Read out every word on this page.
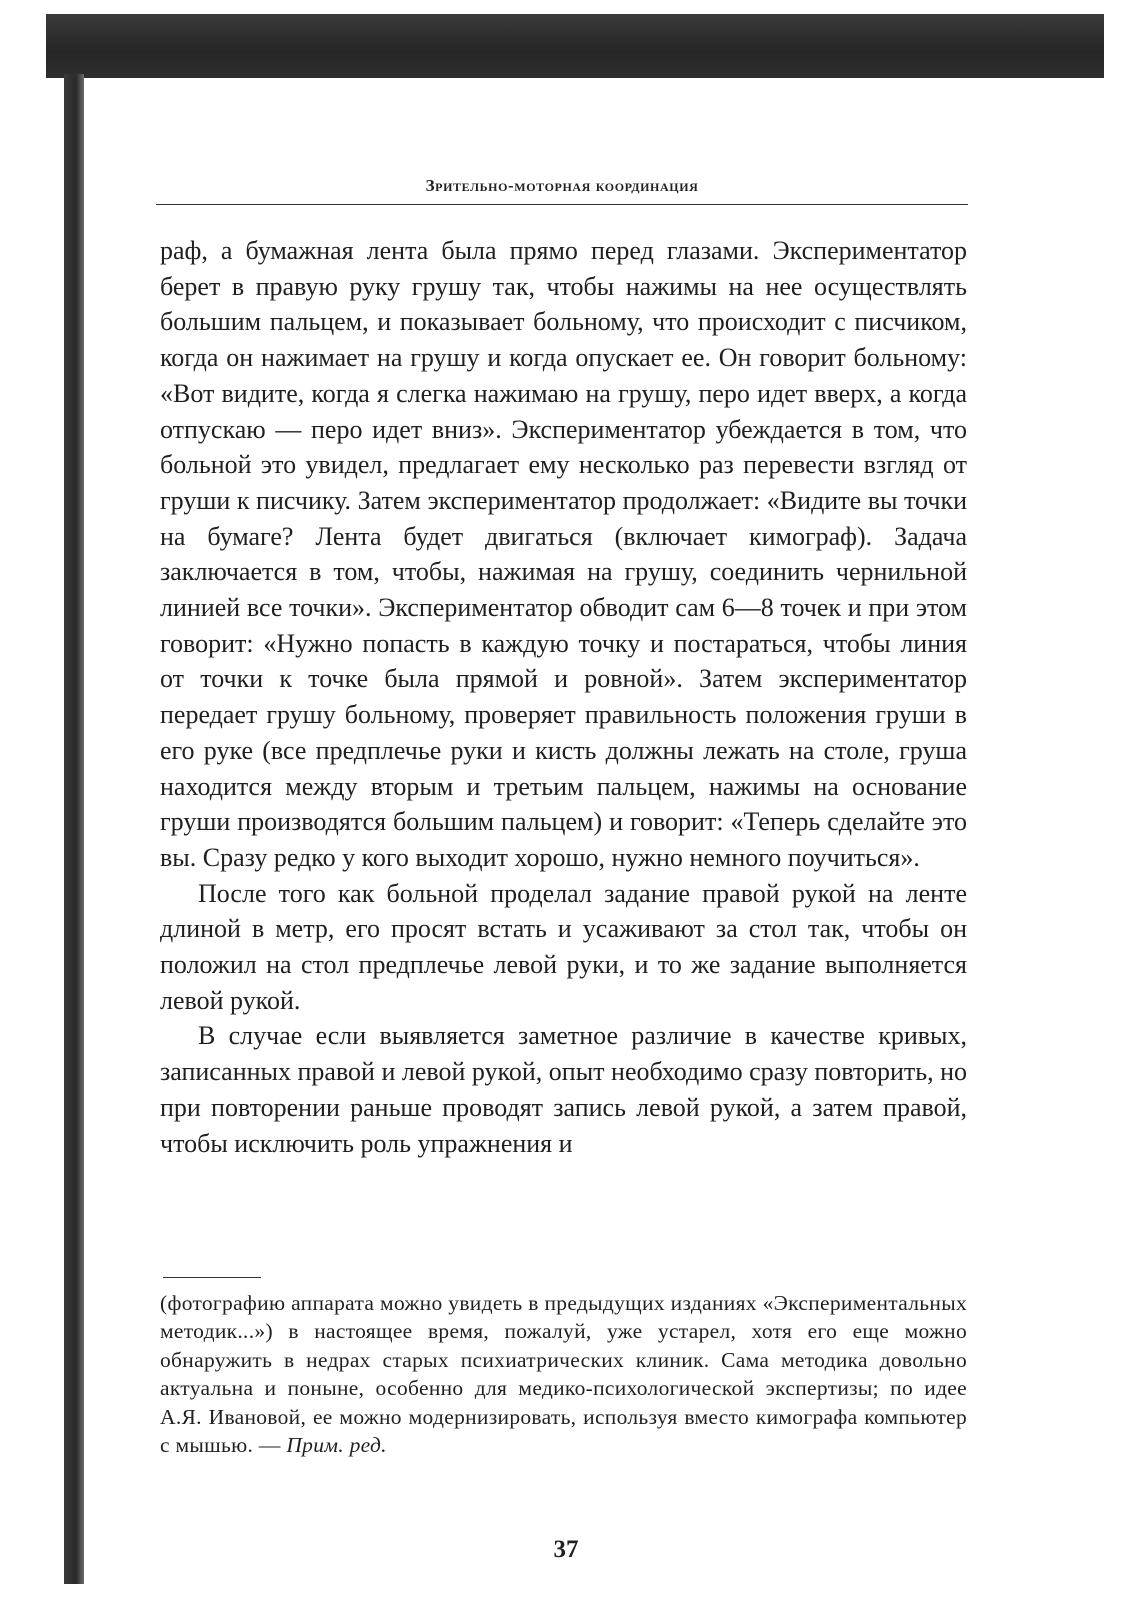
Зрительно-моторная координация

раф, а бумажная лента была прямо перед глазами. Экспериментатор берет в правую руку грушу так, чтобы нажимы на нее осуществлять большим пальцем, и показывает больному, что происходит с писчиком, когда он нажимает на грушу и когда опускает ее. Он говорит больному: «Вот видите, когда я слегка нажимаю на грушу, перо идет вверх, а когда отпускаю — перо идет вниз». Экспериментатор убеждается в том, что больной это увидел, предлагает ему несколько раз перевести взгляд от груши к писчику. Затем экспериментатор продолжает: «Видите вы точки на бумаге? Лента будет двигаться (включает кимограф). Задача заключается в том, чтобы, нажимая на грушу, соединить чернильной линией все точки». Экспериментатор обводит сам 6—8 точек и при этом говорит: «Нужно попасть в каждую точку и постараться, чтобы линия от точки к точке была прямой и ровной». Затем экспериментатор передает грушу больному, проверяет правильность положения груши в его руке (все предплечье руки и кисть должны лежать на столе, груша находится между вторым и третьим пальцем, нажимы на основание груши производятся большим пальцем) и говорит: «Теперь сделайте это вы. Сразу редко у кого выходит хорошо, нужно немного поучиться».

После того как больной проделал задание правой рукой на ленте длиной в метр, его просят встать и усаживают за стол так, чтобы он положил на стол предплечье левой руки, и то же задание выполняется левой рукой.

В случае если выявляется заметное различие в качестве кривых, записанных правой и левой рукой, опыт необходимо сразу повторить, но при повторении раньше проводят запись левой рукой, а затем правой, чтобы исключить роль упражнения и

(фотографию аппарата можно увидеть в предыдущих изданиях «Экспериментальных методик...») в настоящее время, пожалуй, уже устарел, хотя его еще можно обнаружить в недрах старых психиатрических клиник. Сама методика довольно актуальна и поныне, особенно для медико-психологической экспертизы; по идее А.Я. Ивановой, ее можно модернизировать, используя вместо кимографа компьютер с мышью. — Прим. ред.

37
